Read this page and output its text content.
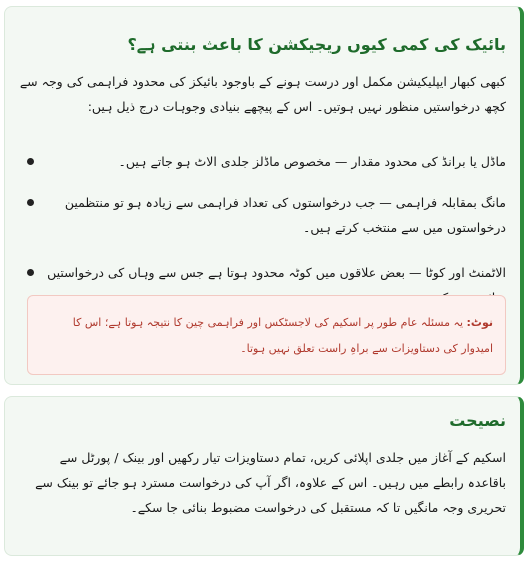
بائیک کی کمی کیوں ریجیکشن کا باعث بنتی ہے؟
کبھی کبھار ایپلیکیشن مکمل اور درست ہونے کے باوجود بائیکز کی محدود فراہمی کی وجہ سے کچھ درخواستیں منظور نہیں ہوتیں۔ اس کے پیچھے بنیادی وجوہات درج ذیل ہیں:
ماڈل یا برانڈ کی محدود مقدار — مخصوص ماڈلز جلدی الاٹ ہو جاتے ہیں۔
مانگ بمقابلہ فراہمی — جب درخواستوں کی تعداد فراہمی سے زیادہ ہو تو منتظمین درخواستوں میں سے منتخب کرتے ہیں۔
الاٹمنٹ اور کوٹا — بعض علاقوں میں کوٹہ محدود ہوتا ہے جس سے وہاں کی درخواستیں
نوٹ: یہ مسئلہ عام طور پر اسکیم کی لاجسٹکس اور فراہمی چین کا نتیجہ ہوتا ہے؛ اس کا امیدوار کی دستاویزات سے براہِ راست تعلق نہیں ہوتا۔
نصیحت
اسکیم کے آغاز میں جلدی اپلائی کریں، تمام دستاویزات تیار رکھیں اور بینک / پورٹل سے باقاعدہ رابطے میں رہیں۔ اس کے علاوہ، اگر آپ کی درخواست مسترد ہو جائے تو بینک سے تحریری وجہ مانگیں تا کہ مستقبل کی درخواست مضبوط بنائی جا سکے۔
